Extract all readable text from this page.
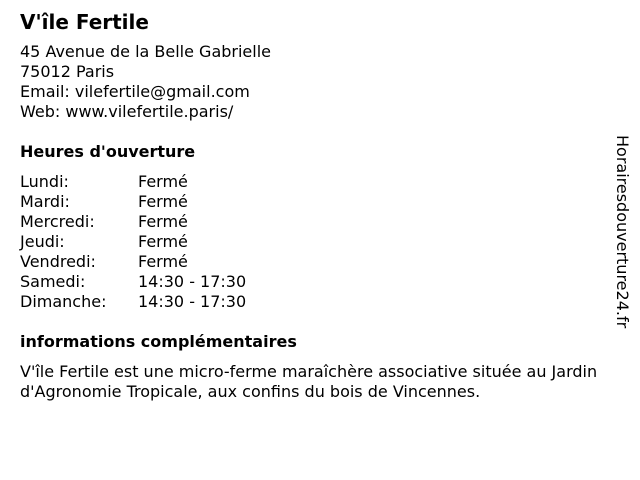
V'île Fertile

45 Avenue de la Belle Gabrielle

75012 Paris

Email: vilefertile@gmail.com

Web: www.vilefertile.paris/

Heures d'ouverture
Lundi:	Fermé
Mardi:	Fermé
Mercredi:	Fermé
Jeudi:	Fermé
Vendredi:	Fermé
Samedi:	14:30 - 17:30
Dimanche:	14:30 - 17:30
informations complémentaires

V'île Fertile est une micro-ferme maraîchère associative située au Jardin d'Agronomie Tropicale, aux confins du bois de Vincennes.

Horairesdouverture24.fr
